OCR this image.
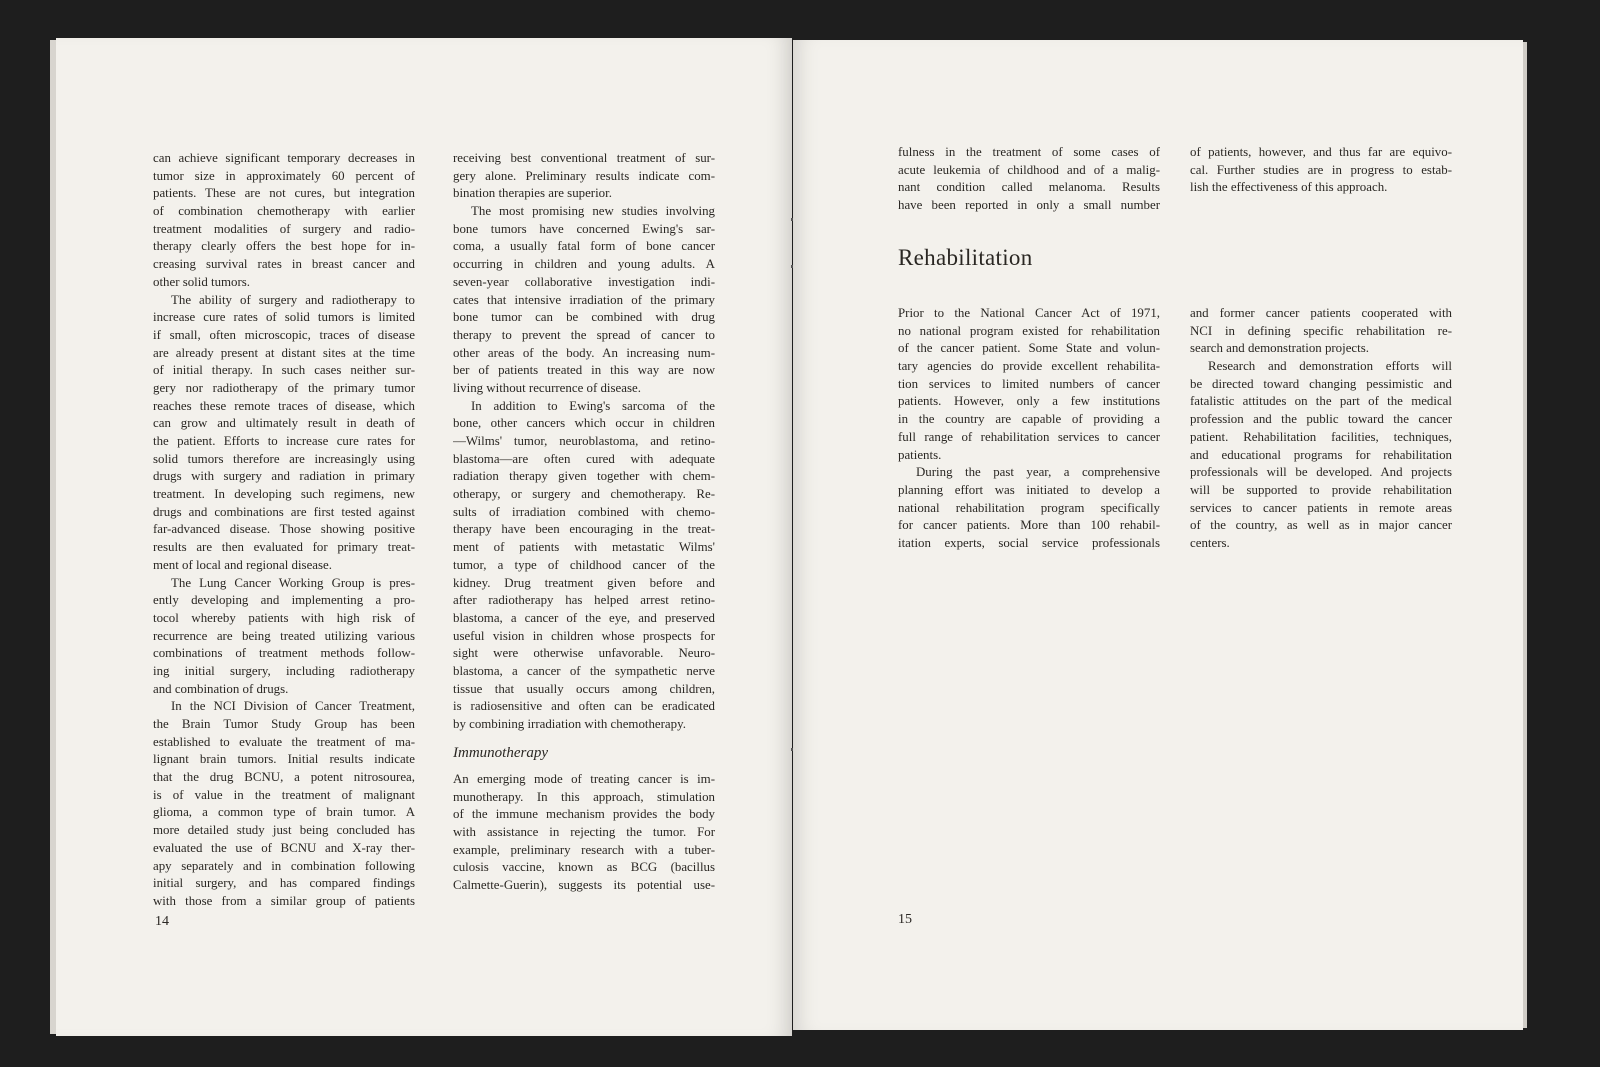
can achieve significant temporary decreases in
tumor size in approximately 60 percent of
patients. These are not cures, but integration
of combination chemotherapy with earlier
treatment modalities of surgery and radio-
therapy clearly offers the best hope for in-
creasing survival rates in breast cancer and
other solid tumors.
The ability of surgery and radiotherapy to
increase cure rates of solid tumors is limited
if small, often microscopic, traces of disease
are already present at distant sites at the time
of initial therapy. In such cases neither sur-
gery nor radiotherapy of the primary tumor
reaches these remote traces of disease, which
can grow and ultimately result in death of
the patient. Efforts to increase cure rates for
solid tumors therefore are increasingly using
drugs with surgery and radiation in primary
treatment. In developing such regimens, new
drugs and combinations are first tested against
far-advanced disease. Those showing positive
results are then evaluated for primary treat-
ment of local and regional disease.
The Lung Cancer Working Group is pres-
ently developing and implementing a pro-
tocol whereby patients with high risk of
recurrence are being treated utilizing various
combinations of treatment methods follow-
ing initial surgery, including radiotherapy
and combination of drugs.
In the NCI Division of Cancer Treatment,
the Brain Tumor Study Group has been
established to evaluate the treatment of ma-
lignant brain tumors. Initial results indicate
that the drug BCNU, a potent nitrosourea,
is of value in the treatment of malignant
glioma, a common type of brain tumor. A
more detailed study just being concluded has
evaluated the use of BCNU and X-ray ther-
apy separately and in combination following
initial surgery, and has compared findings
with those from a similar group of patients
receiving best conventional treatment of sur-
gery alone. Preliminary results indicate com-
bination therapies are superior.
The most promising new studies involving
bone tumors have concerned Ewing's sar-
coma, a usually fatal form of bone cancer
occurring in children and young adults. A
seven-year collaborative investigation indi-
cates that intensive irradiation of the primary
bone tumor can be combined with drug
therapy to prevent the spread of cancer to
other areas of the body. An increasing num-
ber of patients treated in this way are now
living without recurrence of disease.
In addition to Ewing's sarcoma of the
bone, other cancers which occur in children
—Wilms' tumor, neuroblastoma, and retino-
blastoma—are often cured with adequate
radiation therapy given together with chem-
otherapy, or surgery and chemotherapy. Re-
sults of irradiation combined with chemo-
therapy have been encouraging in the treat-
ment of patients with metastatic Wilms'
tumor, a type of childhood cancer of the
kidney. Drug treatment given before and
after radiotherapy has helped arrest retino-
blastoma, a cancer of the eye, and preserved
useful vision in children whose prospects for
sight were otherwise unfavorable. Neuro-
blastoma, a cancer of the sympathetic nerve
tissue that usually occurs among children,
is radiosensitive and often can be eradicated
by combining irradiation with chemotherapy.
Immunotherapy
An emerging mode of treating cancer is im-
munotherapy. In this approach, stimulation
of the immune mechanism provides the body
with assistance in rejecting the tumor. For
example, preliminary research with a tuber-
culosis vaccine, known as BCG (bacillus
Calmette-Guerin), suggests its potential use-
14
fulness in the treatment of some cases of
acute leukemia of childhood and of a malig-
nant condition called melanoma. Results
have been reported in only a small number
of patients, however, and thus far are equivo-
cal. Further studies are in progress to estab-
lish the effectiveness of this approach.
Rehabilitation
Prior to the National Cancer Act of 1971,
no national program existed for rehabilitation
of the cancer patient. Some State and volun-
tary agencies do provide excellent rehabilita-
tion services to limited numbers of cancer
patients. However, only a few institutions
in the country are capable of providing a
full range of rehabilitation services to cancer
patients.
During the past year, a comprehensive
planning effort was initiated to develop a
national rehabilitation program specifically
for cancer patients. More than 100 rehabil-
itation experts, social service professionals
and former cancer patients cooperated with
NCI in defining specific rehabilitation re-
search and demonstration projects.
Research and demonstration efforts will
be directed toward changing pessimistic and
fatalistic attitudes on the part of the medical
profession and the public toward the cancer
patient. Rehabilitation facilities, techniques,
and educational programs for rehabilitation
professionals will be developed. And projects
will be supported to provide rehabilitation
services to cancer patients in remote areas
of the country, as well as in major cancer
centers.
15
